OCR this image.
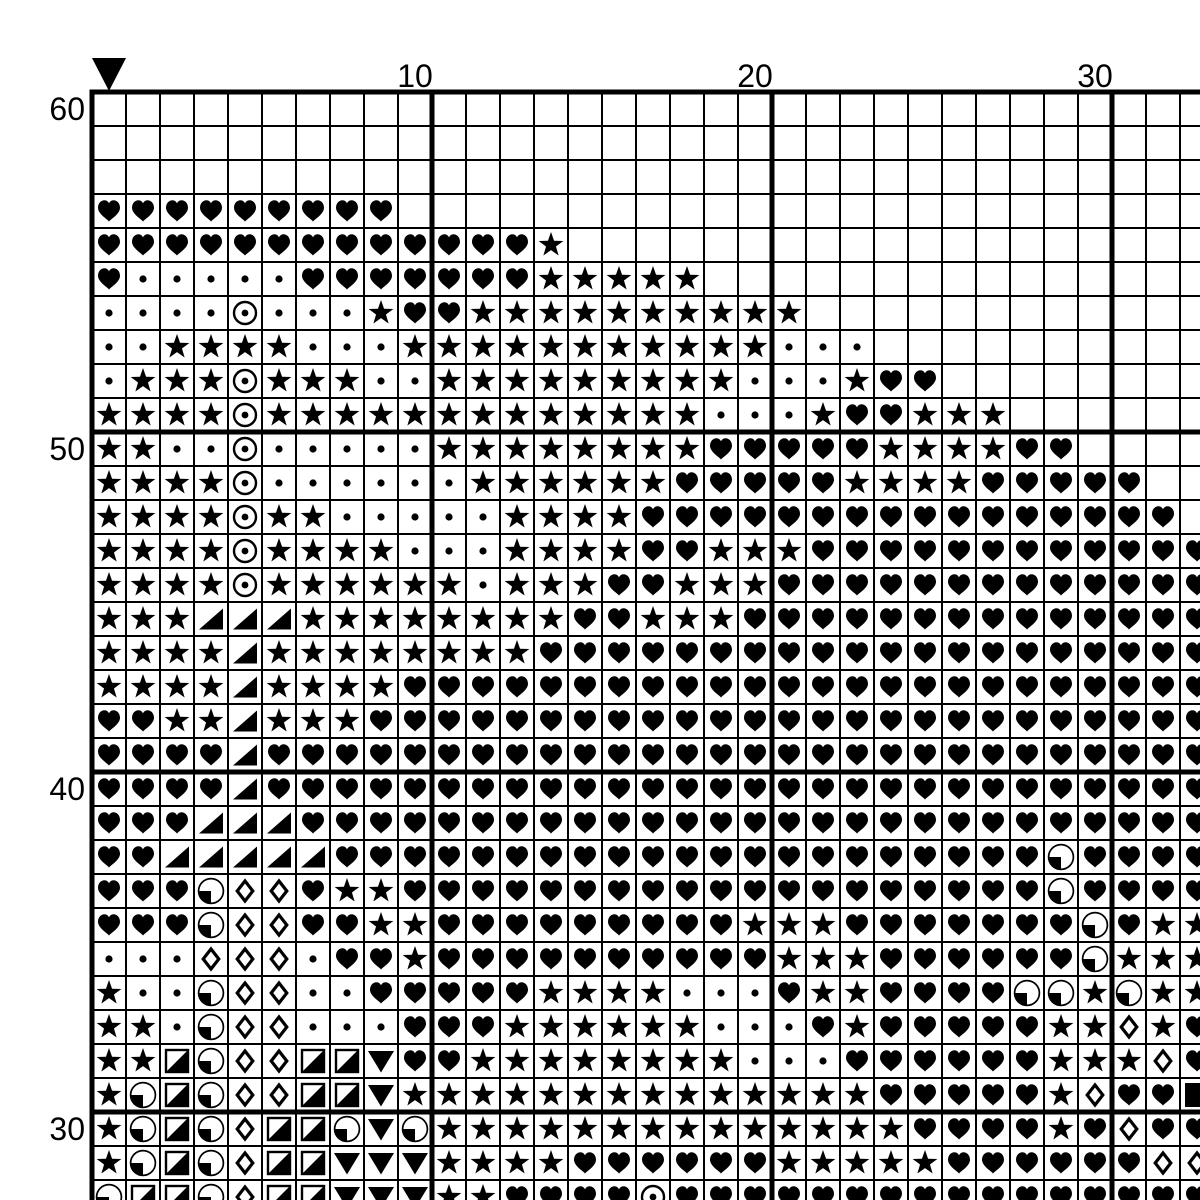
10	20	30
60
50
40
30
